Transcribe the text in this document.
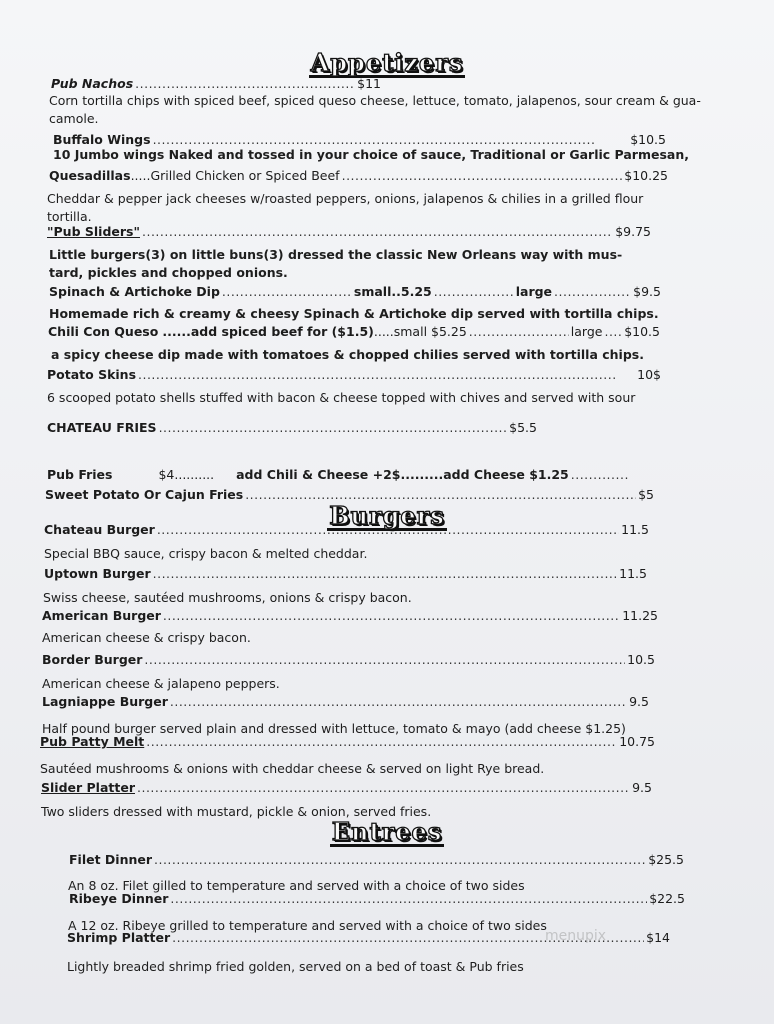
Appetizers
Pub Nachos .....	$11
Corn tortilla chips with spiced beef, spiced queso cheese, lettuce, tomato, jalapenos, sour cream & gua-camole.
Buffalo Wings .....	$10.5
10 Jumbo wings Naked and tossed in your choice of sauce, Traditional or Garlic Parmesan,
Quesadillas ..... Grilled Chicken or Spiced Beef .....	$10.25
Cheddar & pepper jack cheeses w/roasted peppers, onions, jalapenos & chilies in a grilled flour tortilla.
"Pub Sliders" .....	$9.75
Little burgers(3) on little buns(3) dressed the classic New Orleans way with mus-tard, pickles and chopped onions.
Spinach & Artichoke Dip .....	small..5.25 .....	large .....	$9.5
Homemade rich & creamy & cheesy Spinach & Artichoke dip served with tortilla chips.
Chili Con Queso ......add spiced beef for ($1.5) .....small $5.25 .....	large ..... $10.5
a spicy cheese dip made with tomatoes & chopped chilies served with tortilla chips.
Potato Skins .....	10$
6 scooped potato shells stuffed with bacon & cheese topped with chives and served with sour
CHATEAU FRIES .....	$5.5
Pub Fries	$4.......... add Chili & Cheese +2$......... add Cheese $1.25
.....
Sweet Potato Or Cajun Fries .....	$5
Burgers
Chateau Burger .....	11.5
Special BBQ sauce, crispy bacon & melted cheddar.
Uptown Burger .....	11.5
Swiss cheese, sautéed mushrooms, onions & crispy bacon.
American Burger .....	11.25
American cheese & crispy bacon.
Border Burger .....	10.5
American cheese & jalapeno peppers.
Lagniappe Burger .....	9.5
Half pound burger served plain and dressed with lettuce, tomato & mayo (add cheese $1.25)
Pub Patty Melt .....	10.75
Sautéed mushrooms & onions with cheddar cheese & served on light Rye bread.
Slider Platter .....	9.5
Two sliders dressed with mustard, pickle & onion, served fries.
Entrees
Filet Dinner .....	$25.5
An 8 oz. Filet gilled to temperature and served with a choice of two sides
Ribeye Dinner .....	$22.5
A 12 oz. Ribeye grilled to temperature and served with a choice of two sides
Shrimp Platter .....	$14
Lightly breaded shrimp fried golden, served on a bed of toast & Pub fries
menupix
